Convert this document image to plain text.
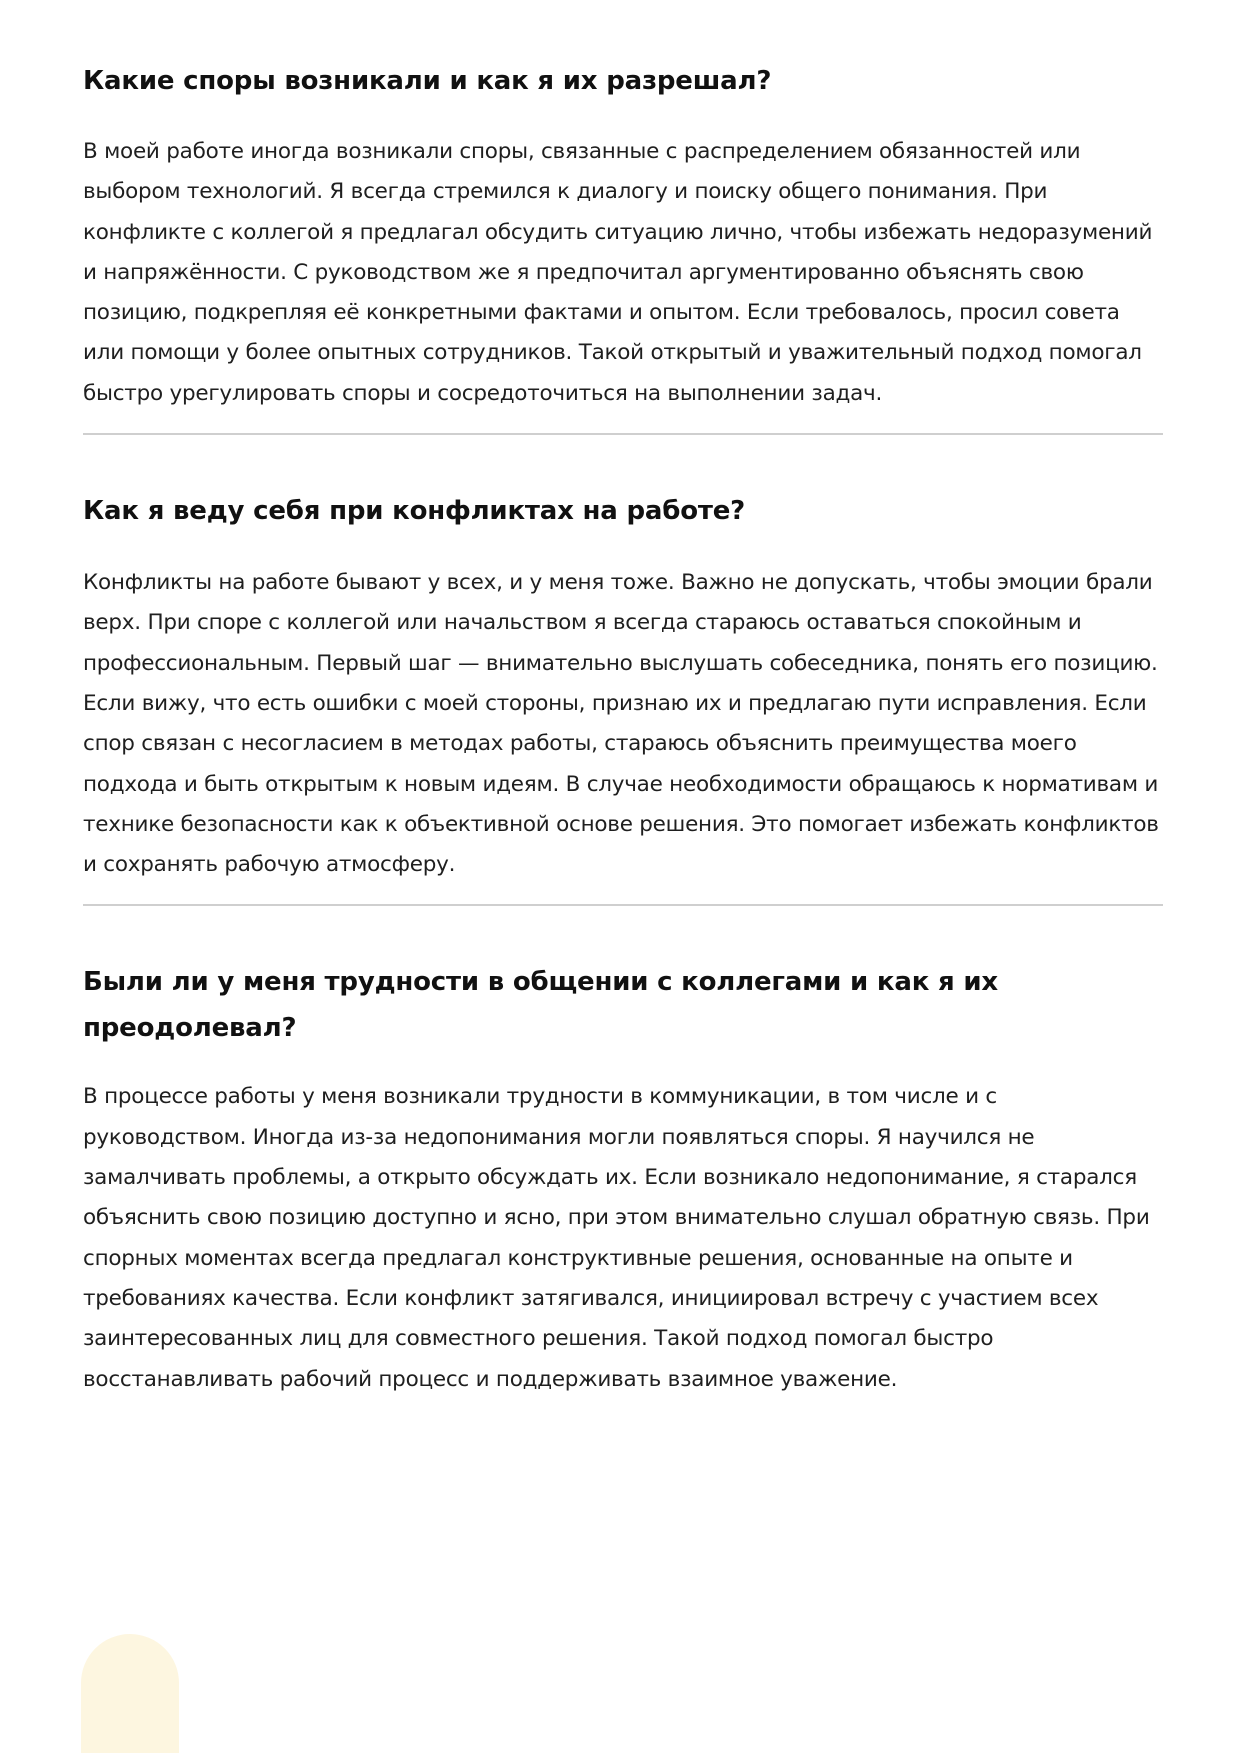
Какие споры возникали и как я их разрешал?

В моей работе иногда возникали споры, связанные с распределением обязанностей или выбором технологий. Я всегда стремился к диалогу и поиску общего понимания. При конфликте с коллегой я предлагал обсудить ситуацию лично, чтобы избежать недоразумений и напряжённости. С руководством же я предпочитал аргументированно объяснять свою позицию, подкрепляя её конкретными фактами и опытом. Если требовалось, просил совета или помощи у более опытных сотрудников. Такой открытый и уважительный подход помогал быстро урегулировать споры и сосредоточиться на выполнении задач.

Как я веду себя при конфликтах на работе?

Конфликты на работе бывают у всех, и у меня тоже. Важно не допускать, чтобы эмоции брали верх. При споре с коллегой или начальством я всегда стараюсь оставаться спокойным и профессиональным. Первый шаг — внимательно выслушать собеседника, понять его позицию. Если вижу, что есть ошибки с моей стороны, признаю их и предлагаю пути исправления. Если спор связан с несогласием в методах работы, стараюсь объяснить преимущества моего подхода и быть открытым к новым идеям. В случае необходимости обращаюсь к нормативам и технике безопасности как к объективной основе решения. Это помогает избежать конфликтов и сохранять рабочую атмосферу.

Были ли у меня трудности в общении с коллегами и как я их преодолевал?

В процессе работы у меня возникали трудности в коммуникации, в том числе и с руководством. Иногда из-за недопонимания могли появляться споры. Я научился не замалчивать проблемы, а открыто обсуждать их. Если возникало недопонимание, я старался объяснить свою позицию доступно и ясно, при этом внимательно слушал обратную связь. При спорных моментах всегда предлагал конструктивные решения, основанные на опыте и требованиях качества. Если конфликт затягивался, инициировал встречу с участием всех заинтересованных лиц для совместного решения. Такой подход помогал быстро восстанавливать рабочий процесс и поддерживать взаимное уважение.
